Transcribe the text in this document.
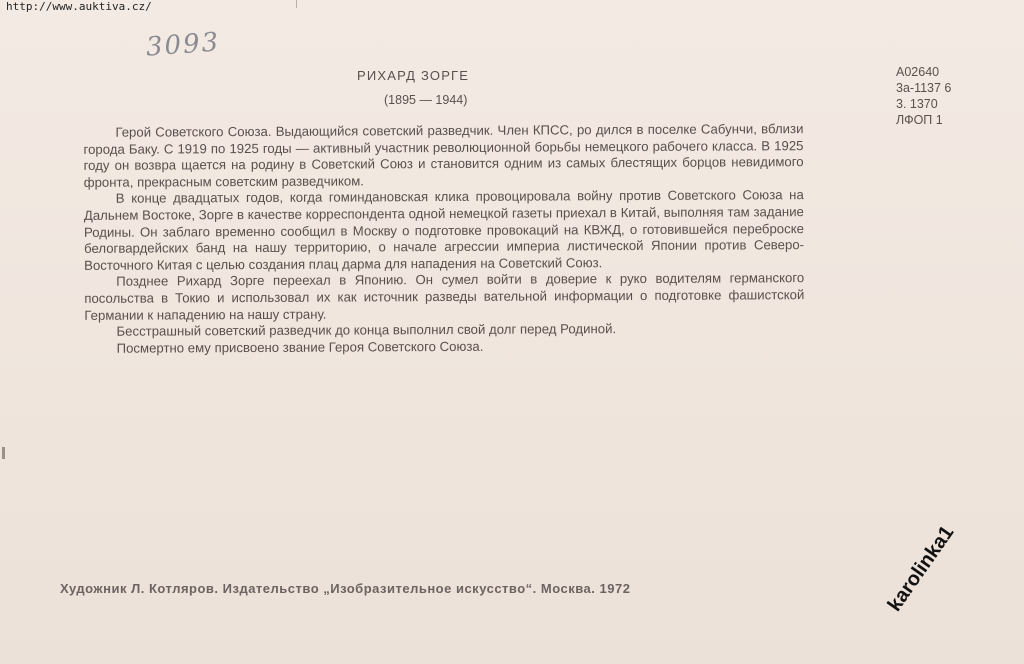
http://www.auktiva.cz/
3093
РИХАРД ЗОРГЕ
(1895 — 1944)
А02640
3а-1137 6
3. 1370
ЛФОП 1

Герой Советского Союза. Выдающийся советский разведчик. Член КПСС, ро дился в поселке Сабунчи, вблизи города Баку. С 1919 по 1925 годы — активный участник революционной борьбы немецкого рабочего класса. В 1925 году он возвра щается на родину в Советский Союз и становится одним из самых блестящих борцов невидимого фронта, прекрасным советским разведчиком.

В конце двадцатых годов, когда гоминдановская клика провоцировала войну против Советского Союза на Дальнем Востоке, Зорге в качестве корреспондента одной немецкой газеты приехал в Китай, выполняя там задание Родины. Он заблаго временно сообщил в Москву о подготовке провокаций на КВЖД, о готовившейся переброске белогвардейских банд на нашу территорию, о начале агрессии империа листической Японии против Северо-Восточного Китая с целью создания плац дарма для нападения на Советский Союз.

Позднее Рихард Зорге переехал в Японию. Он сумел войти в доверие к руко водителям германского посольства в Токио и использовал их как источник разведы вательной информации о подготовке фашистской Германии к нападению на нашу страну.

Бесстрашный советский разведчик до конца выполнил свой долг перед Родиной.

Посмертно ему присвоено звание Героя Советского Союза.

Художник Л. Котляров. Издательство „Изобразительное искусство“. Москва. 1972	karolinka1
